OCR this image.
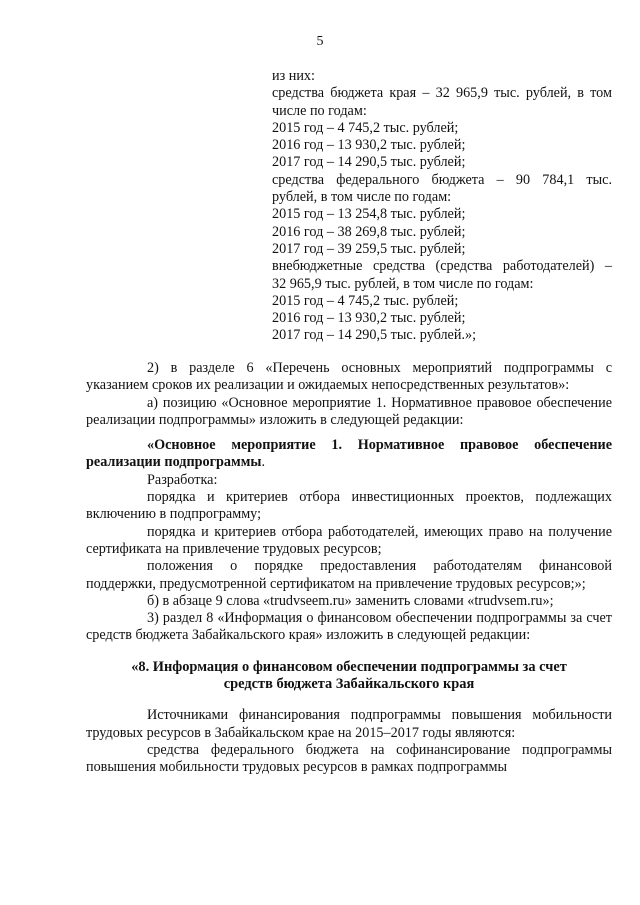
5

из них:

средства бюджета края – 32 965,9 тыс. рублей, в том

числе по годам:

2015 год – 4 745,2 тыс. рублей;

2016 год – 13 930,2 тыс. рублей;

2017 год – 14 290,5 тыс. рублей;

средства федерального бюджета – 90 784,1 тыс.

рублей, в том числе по годам:

2015 год – 13 254,8 тыс. рублей;

2016 год – 38 269,8 тыс. рублей;

2017 год – 39 259,5 тыс. рублей;

внебюджетные средства (средства работодателей) –

32 965,9 тыс. рублей, в том числе по годам:

2015 год – 4 745,2 тыс. рублей;

2016 год – 13 930,2 тыс. рублей;

2017 год – 14 290,5 тыс. рублей.»;

2) в разделе 6 «Перечень основных мероприятий подпрограммы с указанием сроков их реализации и ожидаемых непосредственных результатов»:

а) позицию «Основное мероприятие 1. Нормативное правовое обеспечение реализации подпрограммы» изложить в следующей редакции:

«Основное мероприятие 1. Нормативное правовое обеспечение реализации подпрограммы.

Разработка:

порядка и критериев отбора инвестиционных проектов, подлежащих включению в подпрограмму;

порядка и критериев отбора работодателей, имеющих право на получение сертификата на привлечение трудовых ресурсов;

положения о порядке предоставления работодателям финансовой поддержки, предусмотренной сертификатом на привлечение трудовых ресурсов;»;

б) в абзаце 9 слова «trudvseem.ru» заменить словами «trudvsem.ru»;

3) раздел 8 «Информация о финансовом обеспечении подпрограммы за счет средств бюджета Забайкальского края» изложить в следующей редакции:

«8. Информация о финансовом обеспечении подпрограммы за счет

средств бюджета Забайкальского края

Источниками финансирования подпрограммы повышения мобильности трудовых ресурсов в Забайкальском крае на 2015–2017 годы являются:

средства федерального бюджета на софинансирование подпрограммы повышения мобильности трудовых ресурсов в рамках подпрограммы
